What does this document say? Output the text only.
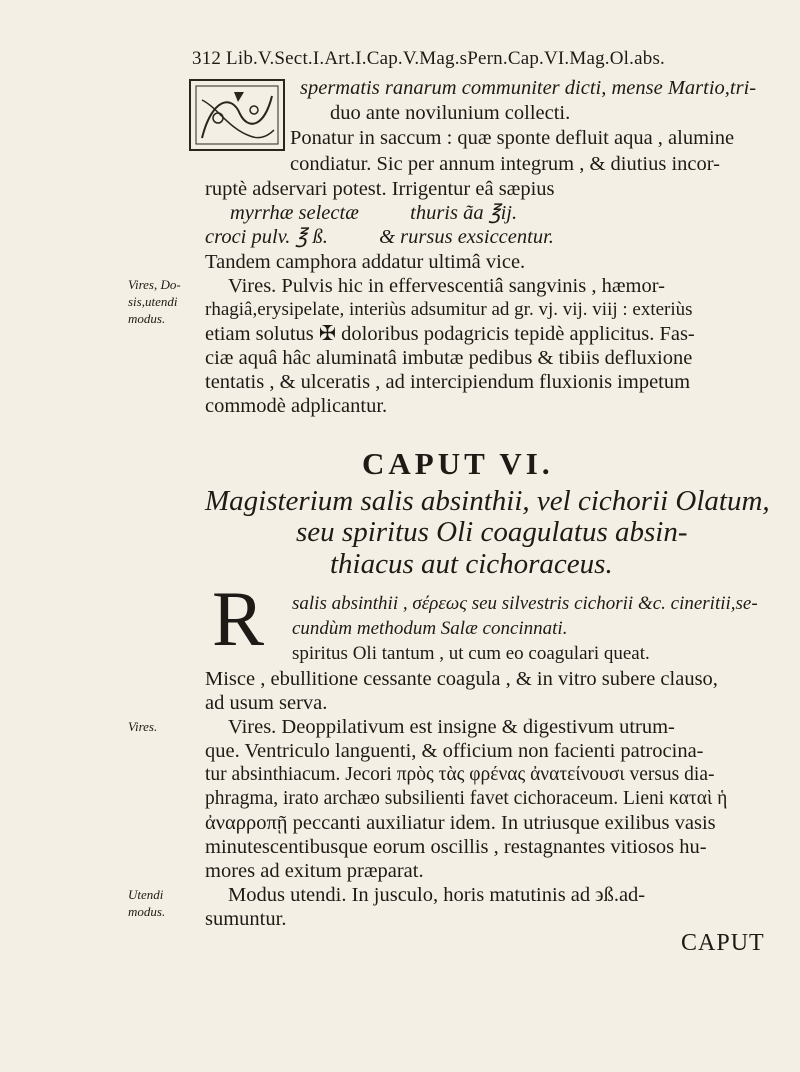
312 Lib.V.Sect.I.Art.I.Cap.V.Mag.sPern.Cap.VI.Mag.Ol.abs.
spermatis ranarum communiter dicti, mense Martio,tri-
duo ante novilunium collecti.
Ponatur in saccum : quæ sponte defluit aqua , alumine
condiatur. Sic per annum integrum , & diutius incor-
ruptè adservari potest. Irrigentur eâ sæpius
myrrhæ selectæ          thuris ãa ℥ij.
croci pulv. ℥ ß.          & rursus exsiccentur.
Tandem camphora addatur ultimâ vice.
Vires. Pulvis hic in effervescentiâ sangvinis , hæmor-
rhagiâ,erysipelate, interiùs adsumitur ad gr. vj. vij. viij : exteriùs
etiam solutus ✠ doloribus podagricis tepidè applicitus. Fas-
ciæ aquâ hâc aluminatâ imbutæ pedibus & tibiis defluxione
tentatis , & ulceratis , ad intercipiendum fluxionis impetum
commodè adplicantur.
Vires, Do-
sis,utendi
modus.
CAPUT VI.
Magisterium salis absinthii, vel cichorii Olatum,
seu spiritus Oli coagulatus absin-
thiacus aut cichoraceus.
R salis absinthii , σέρεως seu silvestris cichorii &c. cineritii,se-
cundùm methodum Salæ concinnati.
spiritus Oli tantum , ut cum eo coagulari queat.
Misce , ebullitione cessante coagula , & in vitro subere clauso,
ad usum serva.
Vires. Deoppilativum est insigne & digestivum utrum-
que. Ventriculo languenti, & officium non facienti patrocina-
tur absinthiacum. Jecori πρὸς τὰς φρένας ἀνατείνουσι versus dia-
phragma, irato archæo subsilienti favet cichoraceum. Lieni καταὶ ἡ
ἀναρροπῇ peccanti auxiliatur idem. In utriusque exilibus vasis
minutescentibusque eorum oscillis , restagnantes vitiosos hu-
mores ad exitum præparat.
Modus utendi. In jusculo, horis matutinis ad ϶ß.ad-
sumuntur.
Vires.
Utendi
modus.
CAPUT
